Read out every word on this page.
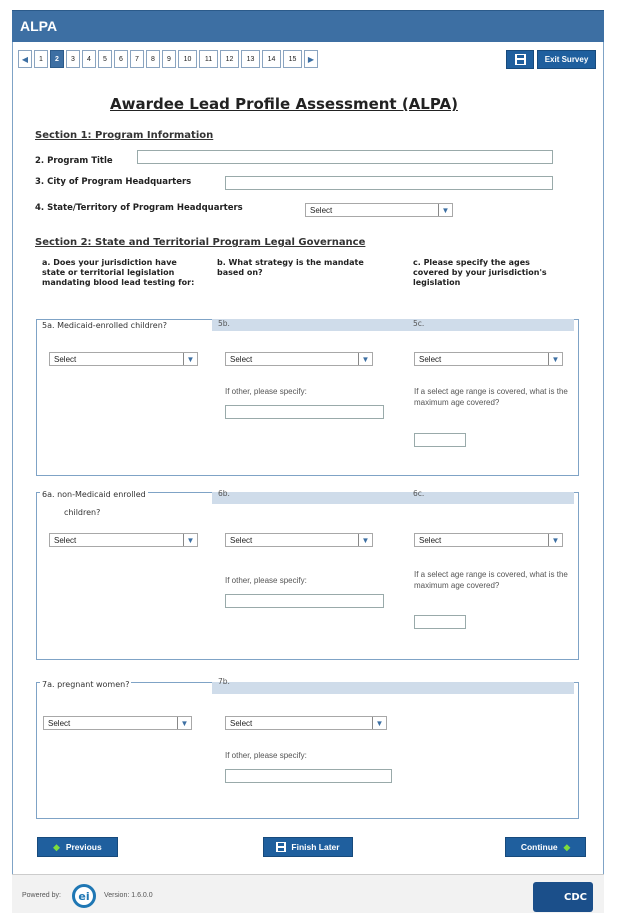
ALPA
◀	1	2	3	4	5	6	7	8	9	10	11	12	13	14	15	▶	Exit Survey
Awardee Lead Profile Assessment (ALPA)
Section 1: Program Information
2. Program Title
3. City of Program Headquarters
4. State/Territory of Program Headquarters	Select	▼
Section 2: State and Territorial Program Legal Governance
a. Does your jurisdiction have state or territorial legislation mandating blood lead testing for:
b. What strategy is the mandate based on?
c. Please specify the ages covered by your jurisdiction's legislation
5a. Medicaid-enrolled children?	5b.	5c.
Select	▼	Select	▼	Select	▼
If other, please specify:	If a select age range is covered, what is the maximum age covered?
6a. non-Medicaid enrolled
children?
6b.	6c.
Select	▼	Select	▼	Select	▼
If other, please specify:
If a select age range is covered, what is the maximum age covered?
7a. pregnant women?	7b.
Select	▼	Select	▼
If other, please specify:
◆ Previous	Finish Later	Continue ◆
Powered by:	ei	Version: 1.6.0.0	CDC
